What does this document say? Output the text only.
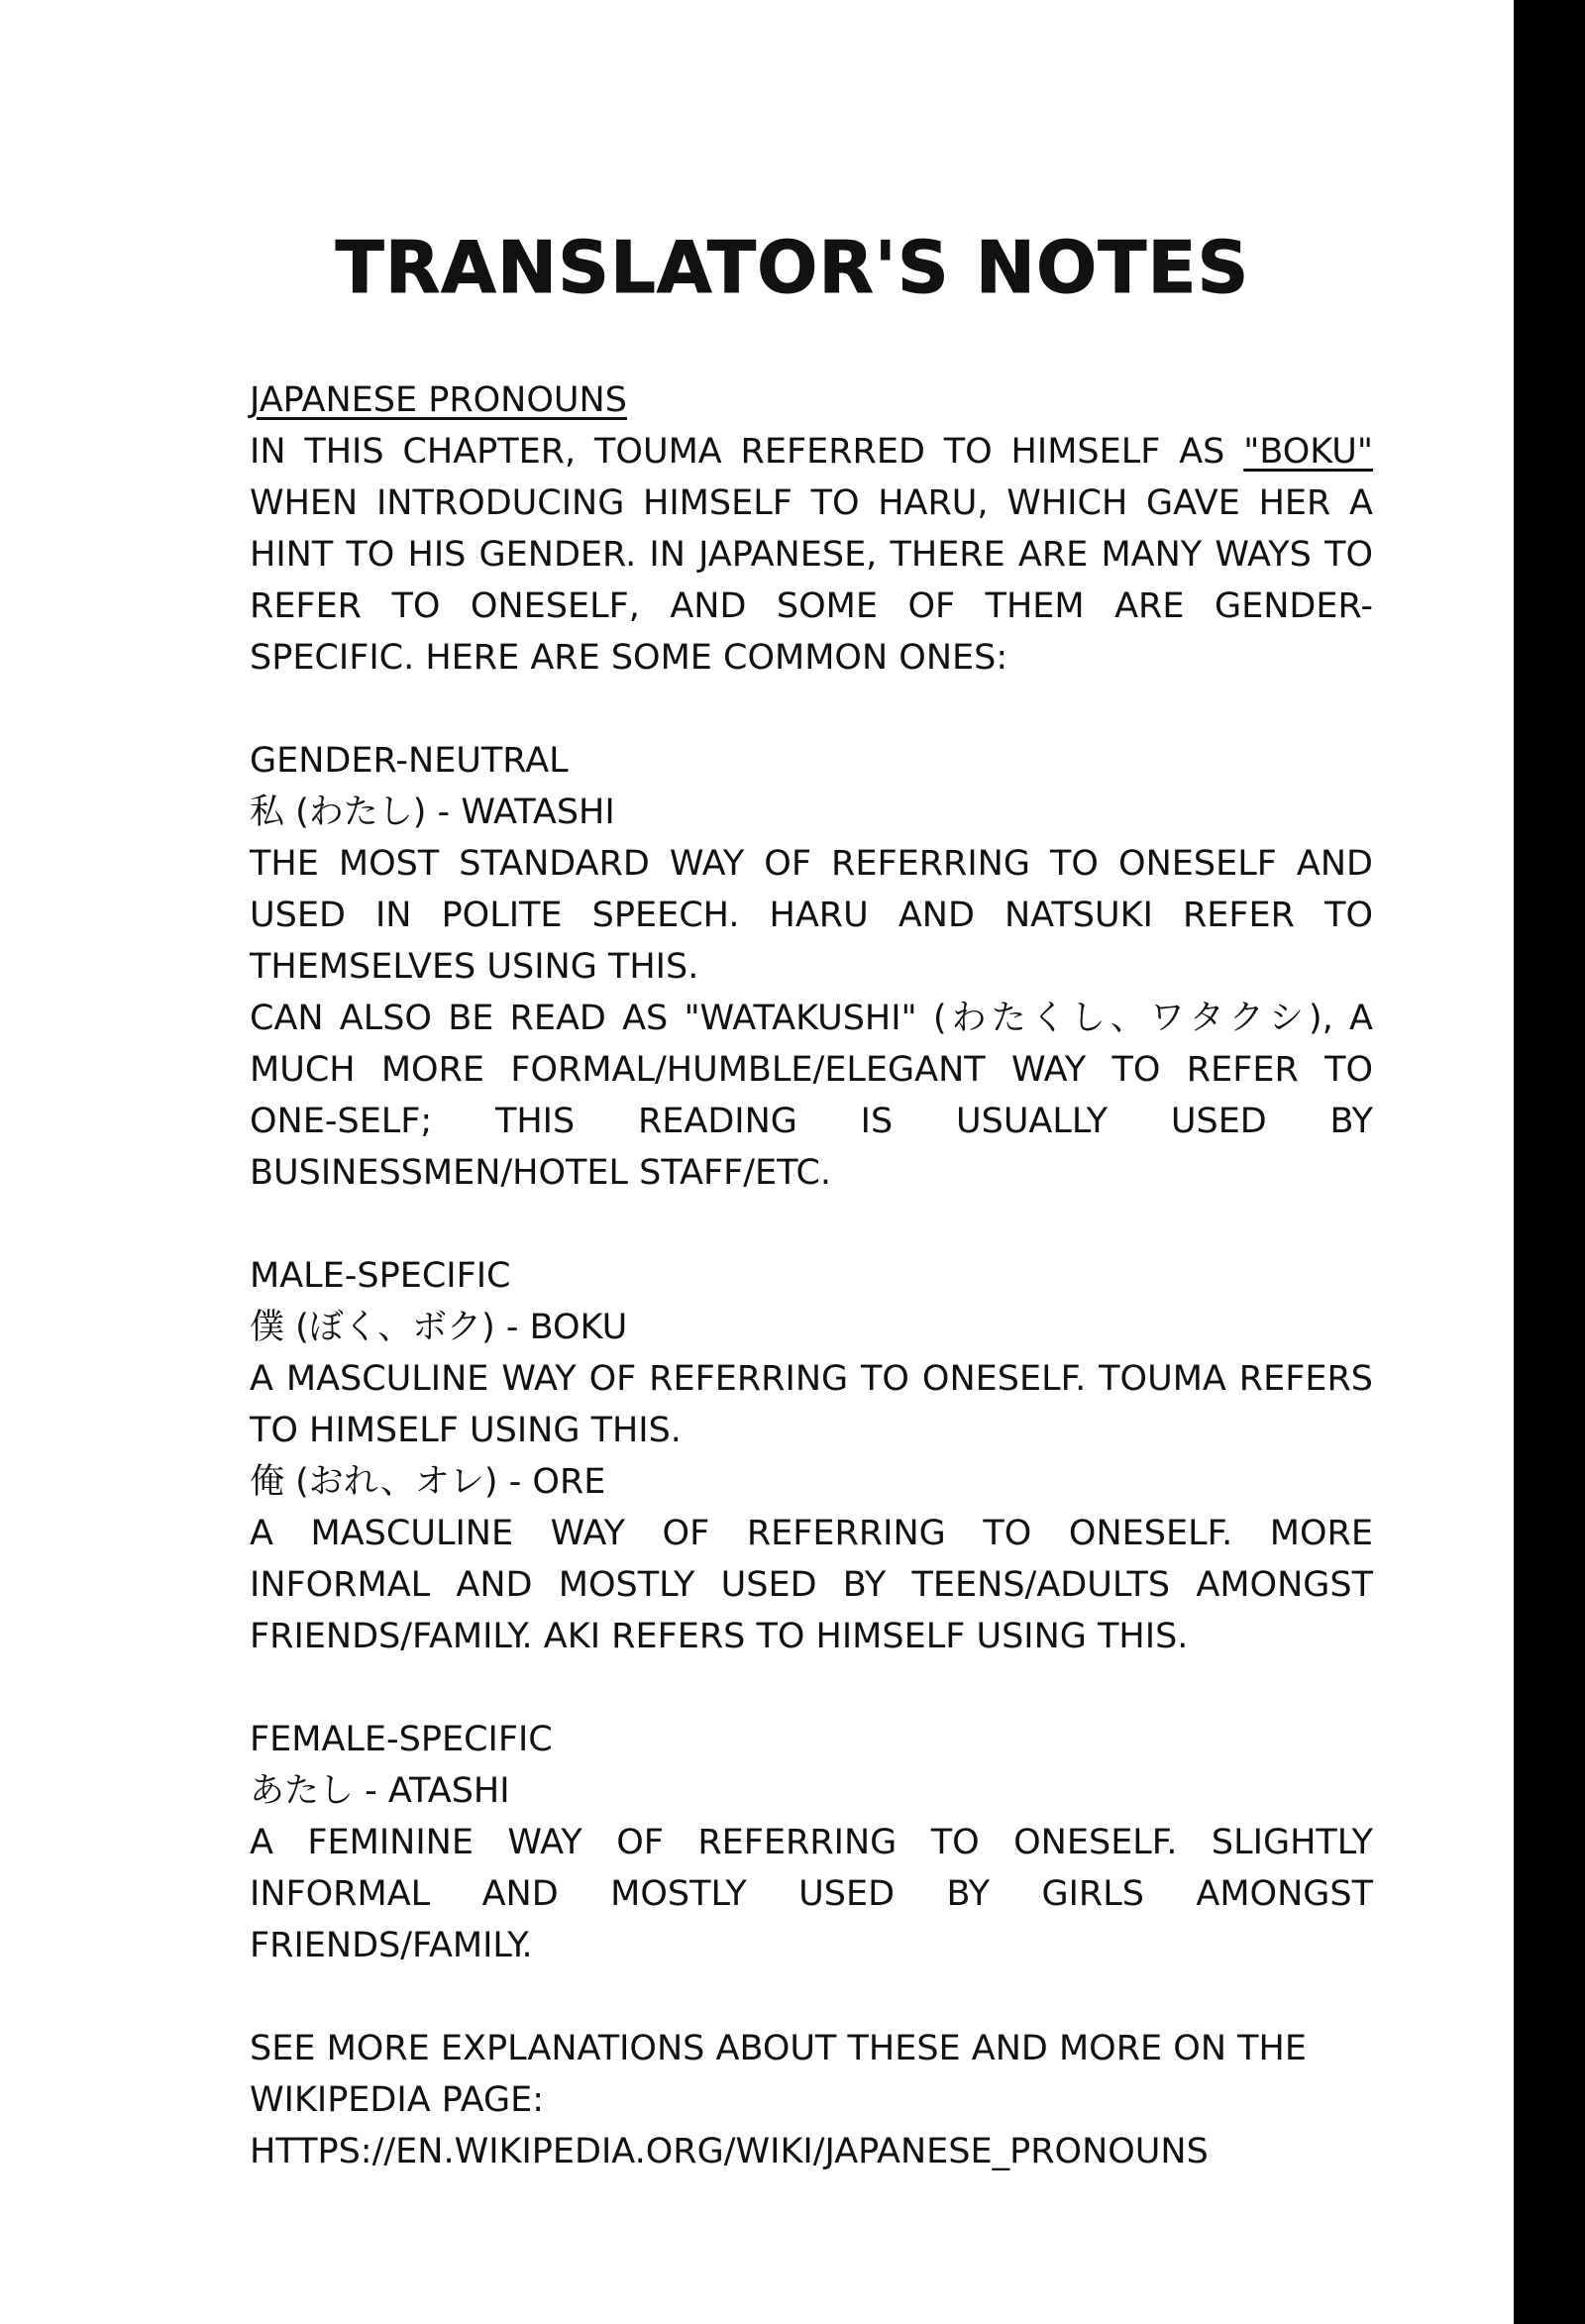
TRANSLATOR'S NOTES

JAPANESE PRONOUNS

IN THIS CHAPTER, TOUMA REFERRED TO HIMSELF AS "BOKU" WHEN INTRODUCING HIMSELF TO HARU, WHICH GAVE HER A HINT TO HIS GENDER. IN JAPANESE, THERE ARE MANY WAYS TO REFER TO ONESELF, AND SOME OF THEM ARE GENDER-SPECIFIC. HERE ARE SOME COMMON ONES:

GENDER-NEUTRAL

私 (わたし) - WATASHI

THE MOST STANDARD WAY OF REFERRING TO ONESELF AND USED IN POLITE SPEECH. HARU AND NATSUKI REFER TO THEMSELVES USING THIS.

CAN ALSO BE READ AS "WATAKUSHI" (わたくし、ワタクシ), A MUCH MORE FORMAL/HUMBLE/ELEGANT WAY TO REFER TO ONE-SELF; THIS READING IS USUALLY USED BY BUSINESSMEN/HOTEL STAFF/ETC.

MALE-SPECIFIC

僕 (ぼく、ボク) - BOKU

A MASCULINE WAY OF REFERRING TO ONESELF. TOUMA REFERS TO HIMSELF USING THIS.

俺 (おれ、オレ) - ORE

A MASCULINE WAY OF REFERRING TO ONESELF. MORE INFORMAL AND MOSTLY USED BY TEENS/ADULTS AMONGST FRIENDS/FAMILY. AKI REFERS TO HIMSELF USING THIS.

FEMALE-SPECIFIC

あたし - ATASHI

A FEMININE WAY OF REFERRING TO ONESELF. SLIGHTLY INFORMAL AND MOSTLY USED BY GIRLS AMONGST FRIENDS/FAMILY.

SEE MORE EXPLANATIONS ABOUT THESE AND MORE ON THE WIKIPEDIA PAGE:

HTTPS://EN.WIKIPEDIA.ORG/WIKI/JAPANESE_PRONOUNS
